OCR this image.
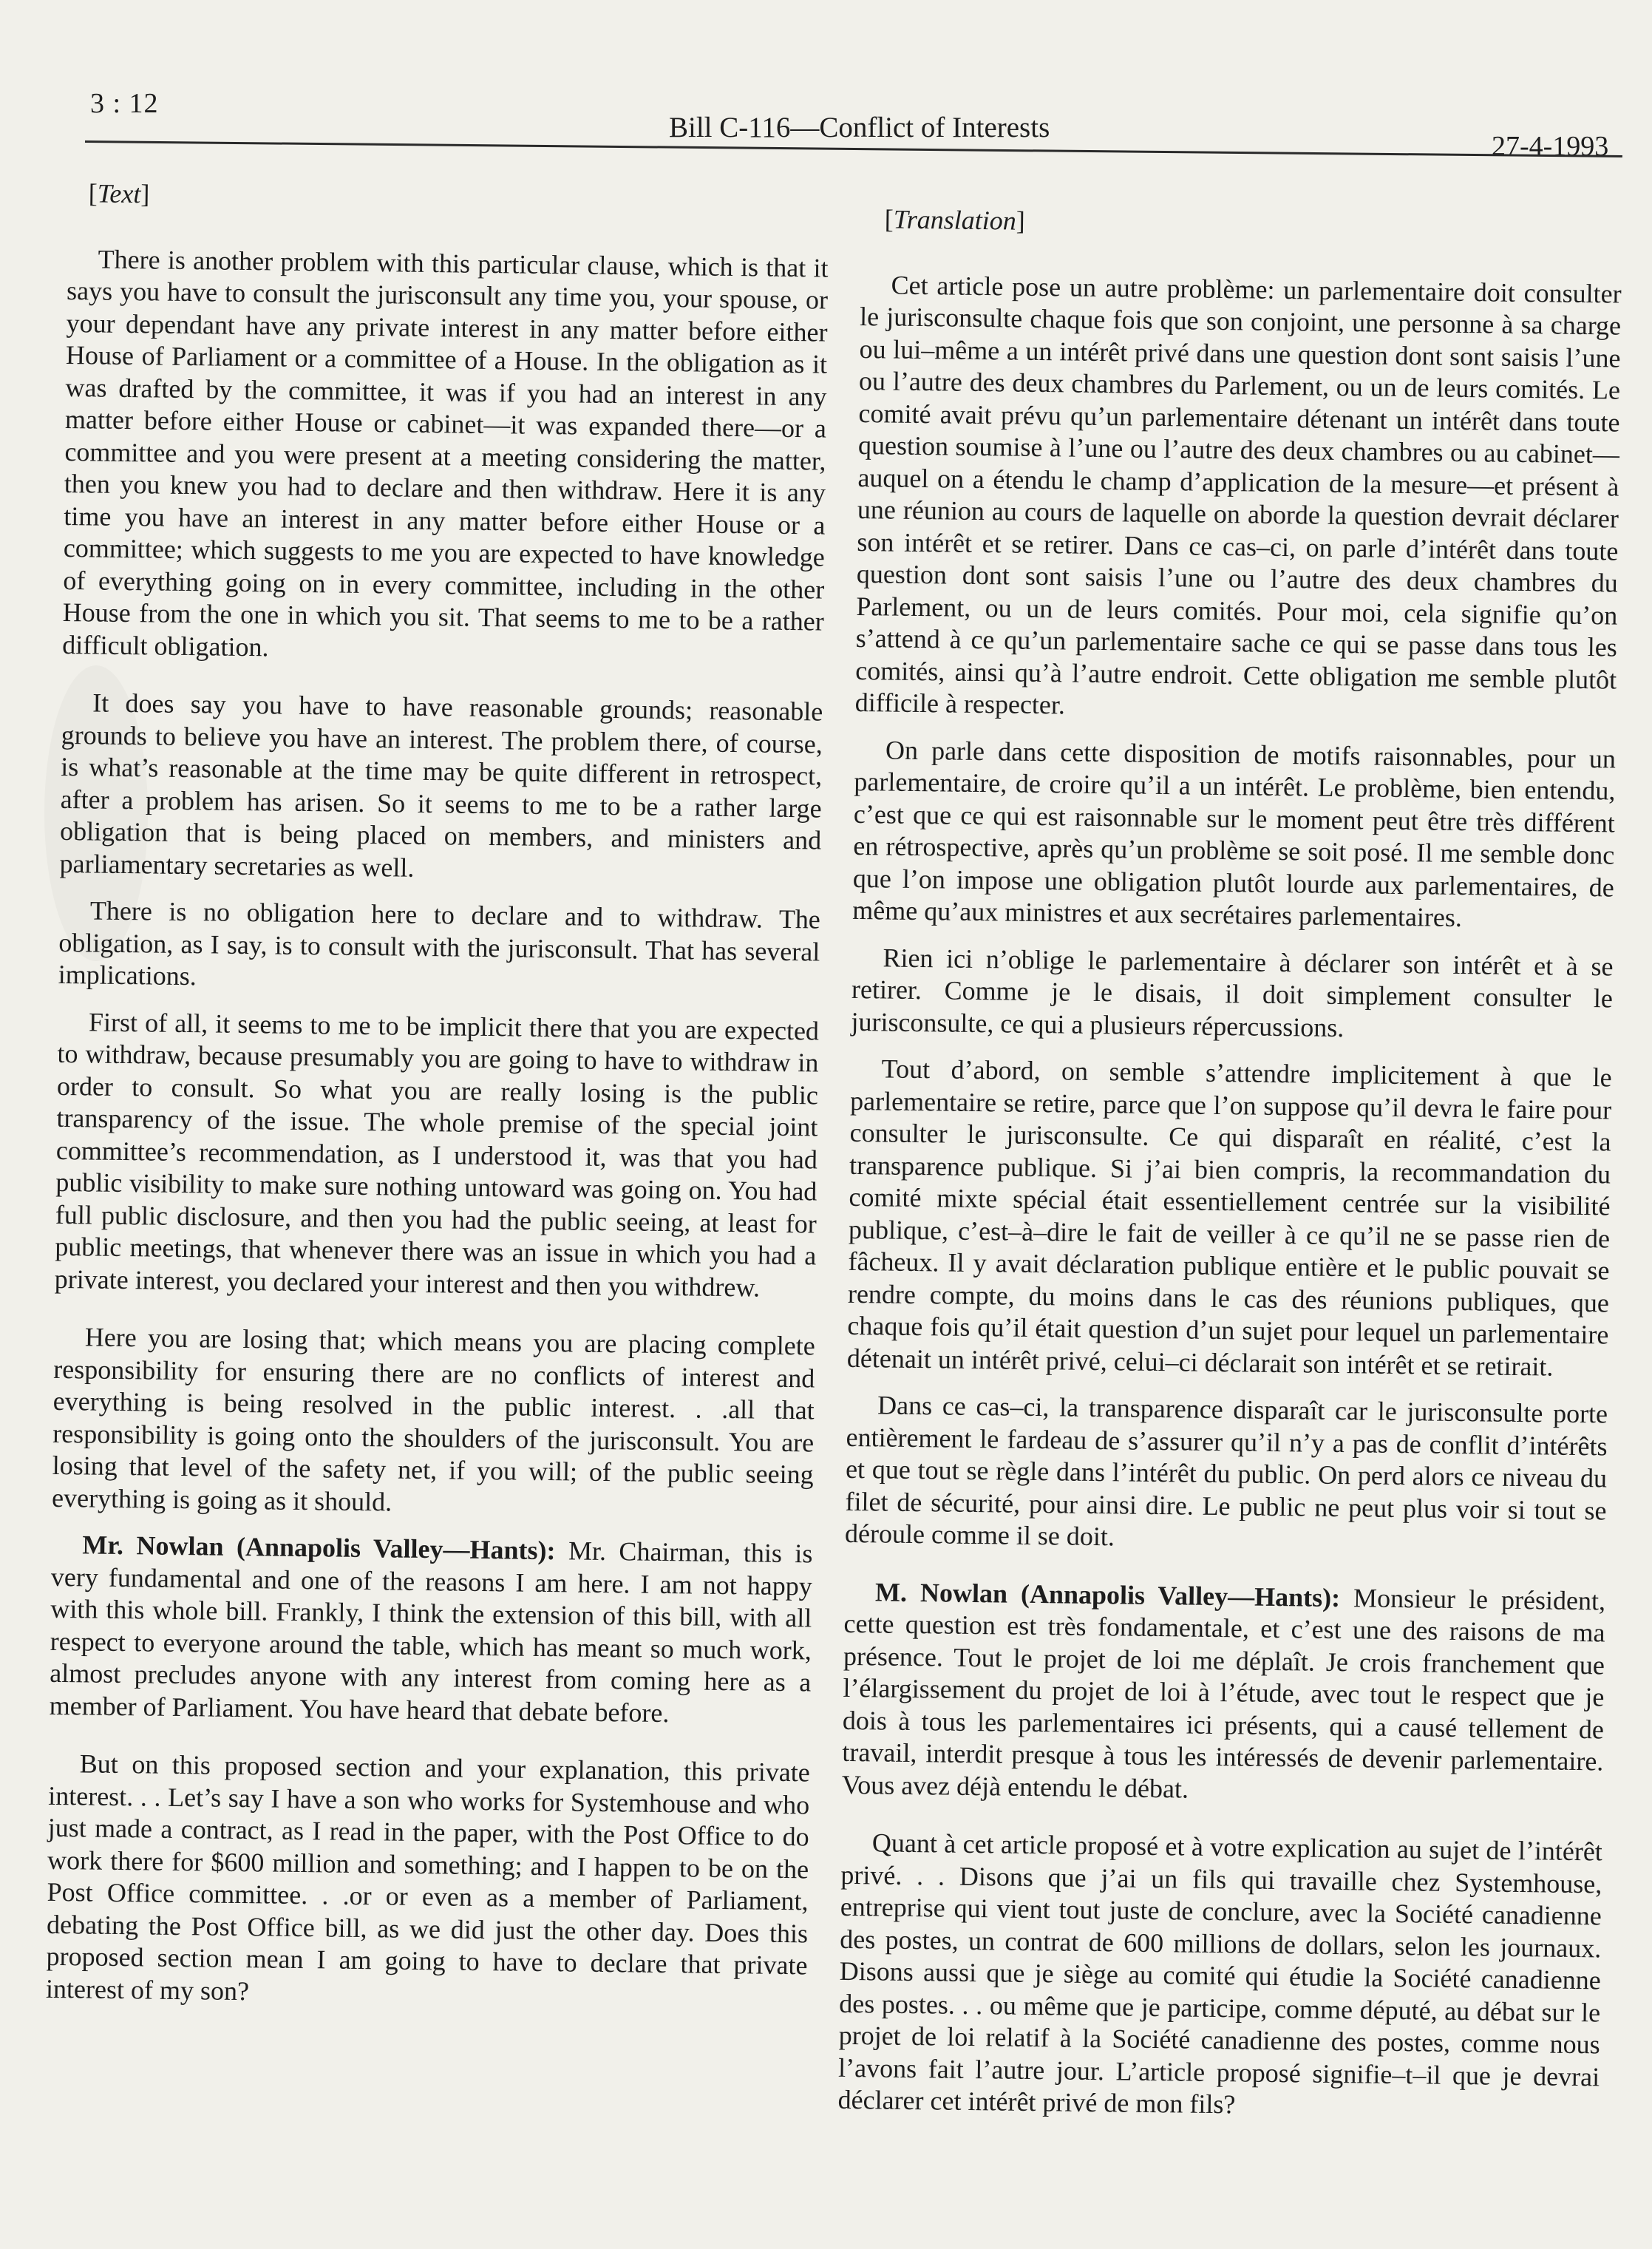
3 : 12
Bill C-116—Conflict of Interests
27-4-1993
[Text]

There is another problem with this particular clause, which is that it says you have to consult the jurisconsult any time you, your spouse, or your dependant have any private interest in any matter before either House of Parliament or a committee of a House. In the obligation as it was drafted by the committee, it was if you had an interest in any matter before either House or cabinet—it was expanded there—or a committee and you were present at a meeting considering the matter, then you knew you had to declare and then withdraw. Here it is any time you have an interest in any matter before either House or a committee; which suggests to me you are expected to have knowledge of everything going on in every committee, including in the other House from the one in which you sit. That seems to me to be a rather difficult obligation.

It does say you have to have reasonable grounds; reasonable grounds to believe you have an interest. The problem there, of course, is what’s reasonable at the time may be quite different in retrospect, after a problem has arisen. So it seems to me to be a rather large obligation that is being placed on members, and ministers and parliamentary secretaries as well.

There is no obligation here to declare and to withdraw. The obligation, as I say, is to consult with the jurisconsult. That has several implications.

First of all, it seems to me to be implicit there that you are expected to withdraw, because presumably you are going to have to withdraw in order to consult. So what you are really losing is the public transparency of the issue. The whole premise of the special joint committee’s recommendation, as I understood it, was that you had public visibility to make sure nothing untoward was going on. You had full public disclosure, and then you had the public seeing, at least for public meetings, that whenever there was an issue in which you had a private interest, you declared your interest and then you withdrew.

Here you are losing that; which means you are placing complete responsibility for ensuring there are no conflicts of interest and everything is being resolved in the public interest. . .all that responsibility is going onto the shoulders of the jurisconsult. You are losing that level of the safety net, if you will; of the public seeing everything is going as it should.

Mr. Nowlan (Annapolis Valley—Hants): Mr. Chairman, this is very fundamental and one of the reasons I am here. I am not happy with this whole bill. Frankly, I think the extension of this bill, with all respect to everyone around the table, which has meant so much work, almost precludes anyone with any interest from coming here as a member of Parliament. You have heard that debate before.

But on this proposed section and your explanation, this private interest. . . Let’s say I have a son who works for Systemhouse and who just made a contract, as I read in the paper, with the Post Office to do work there for $600 million and something; and I happen to be on the Post Office committee. . .or or even as a member of Parliament, debating the Post Office bill, as we did just the other day. Does this proposed section mean I am going to have to declare that private interest of my son?

[Translation]

Cet article pose un autre problème: un parlementaire doit consulter le jurisconsulte chaque fois que son conjoint, une personne à sa charge ou lui–même a un intérêt privé dans une question dont sont saisis l’une ou l’autre des deux chambres du Parlement, ou un de leurs comités. Le comité avait prévu qu’un parlementaire détenant un intérêt dans toute question soumise à l’une ou l’autre des deux chambres ou au cabinet—auquel on a étendu le champ d’application de la mesure—et présent à une réunion au cours de laquelle on aborde la question devrait déclarer son intérêt et se retirer. Dans ce cas–ci, on parle d’intérêt dans toute question dont sont saisis l’une ou l’autre des deux chambres du Parlement, ou un de leurs comités. Pour moi, cela signifie qu’on s’attend à ce qu’un parlementaire sache ce qui se passe dans tous les comités, ainsi qu’à l’autre endroit. Cette obligation me semble plutôt difficile à respecter.

On parle dans cette disposition de motifs raisonnables, pour un parlementaire, de croire qu’il a un intérêt. Le problème, bien entendu, c’est que ce qui est raisonnable sur le moment peut être très différent en rétrospective, après qu’un problème se soit posé. Il me semble donc que l’on impose une obligation plutôt lourde aux parlementaires, de même qu’aux ministres et aux secrétaires parlementaires.

Rien ici n’oblige le parlementaire à déclarer son intérêt et à se retirer. Comme je le disais, il doit simplement consulter le jurisconsulte, ce qui a plusieurs répercussions.

Tout d’abord, on semble s’attendre implicitement à que le parlementaire se retire, parce que l’on suppose qu’il devra le faire pour consulter le jurisconsulte. Ce qui disparaît en réalité, c’est la transparence publique. Si j’ai bien compris, la recommandation du comité mixte spécial était essentiellement centrée sur la visibilité publique, c’est–à–dire le fait de veiller à ce qu’il ne se passe rien de fâcheux. Il y avait déclaration publique entière et le public pouvait se rendre compte, du moins dans le cas des réunions publiques, que chaque fois qu’il était question d’un sujet pour lequel un parlementaire détenait un intérêt privé, celui–ci déclarait son intérêt et se retirait.

Dans ce cas–ci, la transparence disparaît car le jurisconsulte porte entièrement le fardeau de s’assurer qu’il n’y a pas de conflit d’intérêts et que tout se règle dans l’intérêt du public. On perd alors ce niveau du filet de sécurité, pour ainsi dire. Le public ne peut plus voir si tout se déroule comme il se doit.

M. Nowlan (Annapolis Valley—Hants): Monsieur le président, cette question est très fondamentale, et c’est une des raisons de ma présence. Tout le projet de loi me déplaît. Je crois franchement que l’élargissement du projet de loi à l’étude, avec tout le respect que je dois à tous les parlementaires ici présents, qui a causé tellement de travail, interdit presque à tous les intéressés de devenir parlementaire. Vous avez déjà entendu le débat.

Quant à cet article proposé et à votre explication au sujet de l’intérêt privé. . . Disons que j’ai un fils qui travaille chez Systemhouse, entreprise qui vient tout juste de conclure, avec la Société canadienne des postes, un contrat de 600 millions de dollars, selon les journaux. Disons aussi que je siège au comité qui étudie la Société canadienne des postes. . . ou même que je participe, comme député, au débat sur le projet de loi relatif à la Société canadienne des postes, comme nous l’avons fait l’autre jour. L’article proposé signifie–t–il que je devrai déclarer cet intérêt privé de mon fils?
